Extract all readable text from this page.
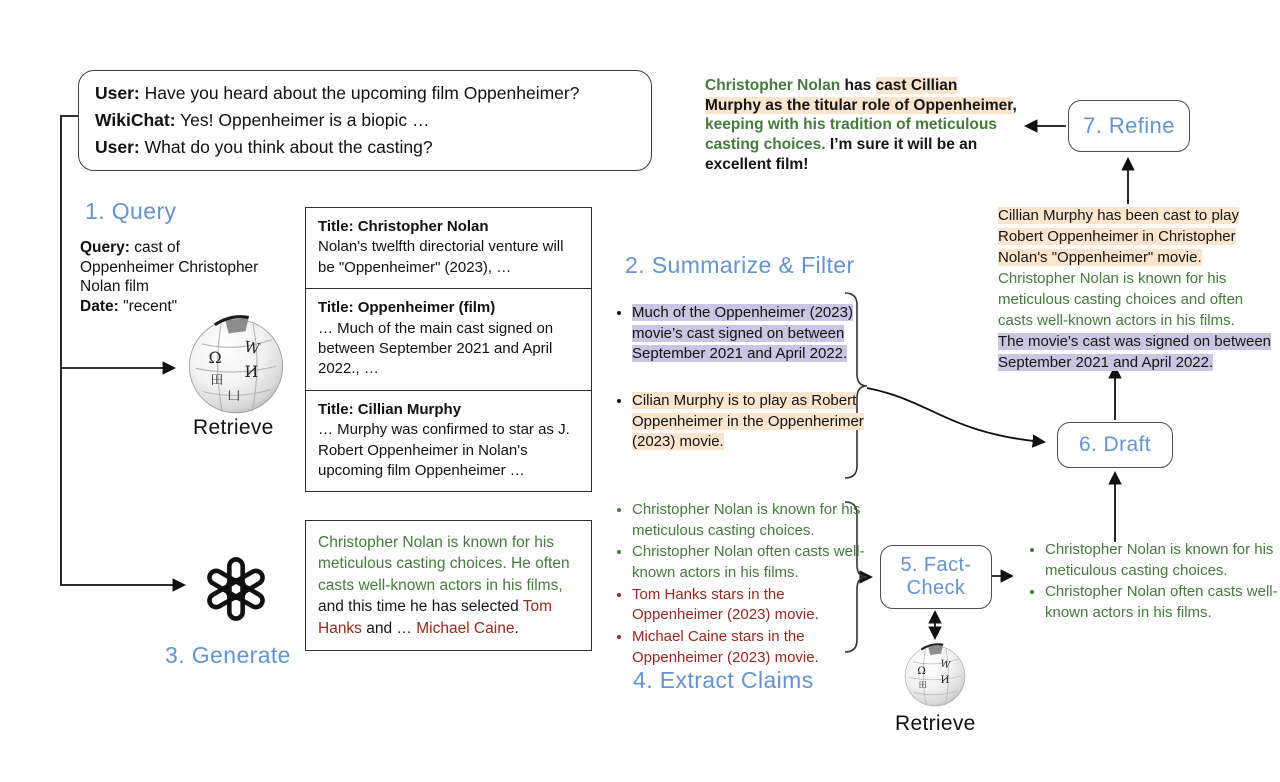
User: Have you heard about the upcoming film Oppenheimer?
WikiChat: Yes! Oppenheimer is a biopic …
User: What do you think about the casting?
1. Query
Query: cast of Oppenheimer Christopher Nolan film
Date: "recent"
Ω W
И
⽥
⼐
Retrieve
Title: Christopher Nolan
Nolan's twelfth directorial venture will be "Oppenheimer" (2023), …
Title: Oppenheimer (film)
… Much of the main cast signed on between September 2021 and April 2022., …
Title: Cillian Murphy
… Murphy was confirmed to star as J. Robert Oppenheimer in Nolan's upcoming film Oppenheimer …
2. Summarize & Filter
• Much of the Oppenheimer (2023) movie’s cast signed on between September 2021 and April 2022.
• Cilian Murphy is to play as Robert Oppenheimer in the Oppenherimer (2023) movie.

Christopher Nolan has cast Cillian Murphy as the titular role of Oppenheimer, keeping with his tradition of meticulous casting choices. I’m sure it will be an excellent film!

7. Refine
Cillian Murphy has been cast to play Robert Oppenheimer in Christopher Nolan's "Oppenheimer" movie.
Christopher Nolan is known for his meticulous casting choices and often casts well-known actors in his films.
The movie's cast was signed on between September 2021 and April 2022.
6. Draft
3. Generate
Christopher Nolan is known for his meticulous casting choices. He often casts well-known actors in his films, and this time he has selected Tom Hanks and … Michael Caine.
• Christopher Nolan is known for his meticulous casting choices.
• Christopher Nolan often casts well-known actors in his films.
• Tom Hanks stars in the Oppenheimer (2023) movie.
• Michael Caine stars in the Oppenheimer (2023) movie.
4. Extract Claims
5. Fact-
Check
Ω
W
И
⽥
Retrieve
• Christopher Nolan is known for his meticulous casting choices.
• Christopher Nolan often casts well-known actors in his films.
